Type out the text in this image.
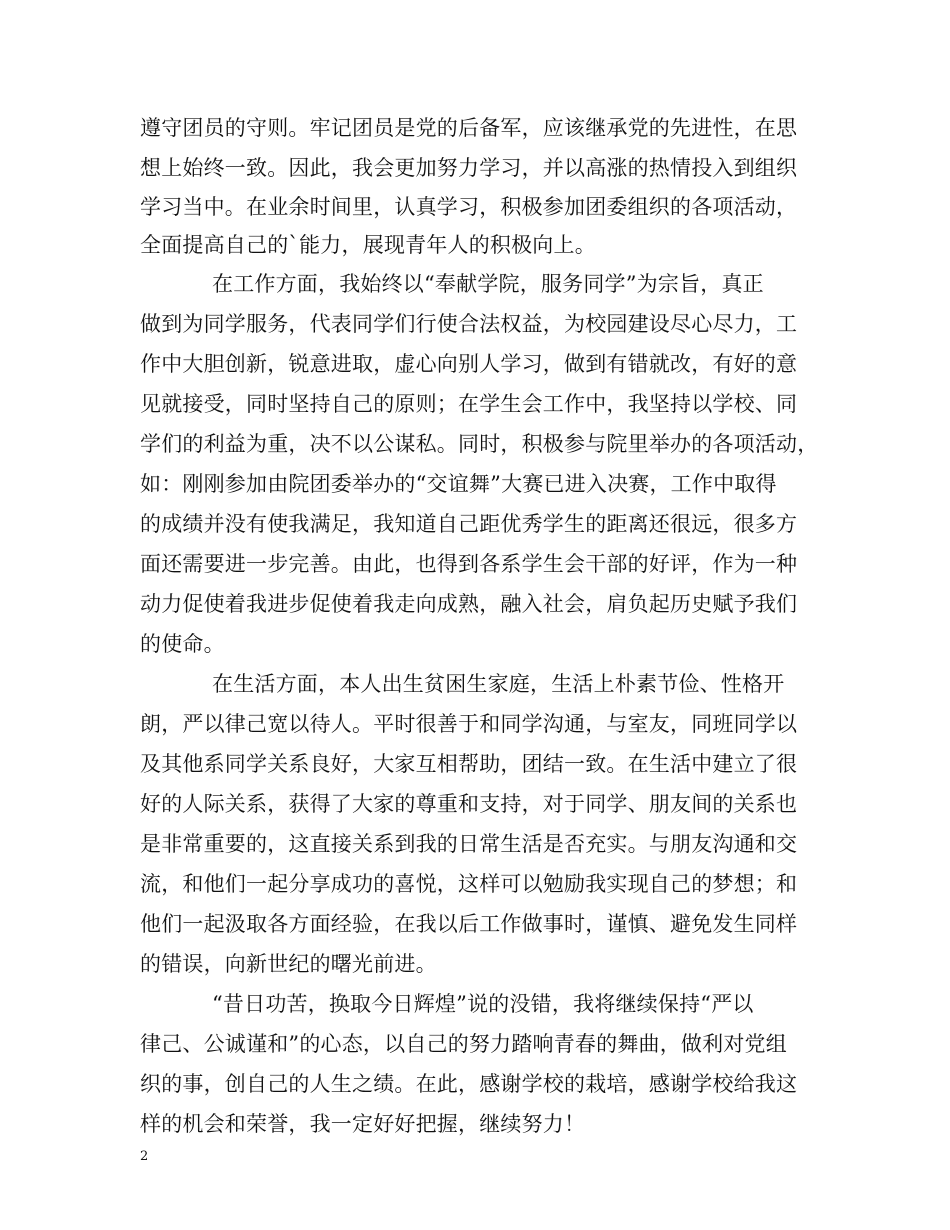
遵守团员的守则。牢记团员是党的后备军，应该继承党的先进性，在思
想上始终一致。因此，我会更加努力学习，并以高涨的热情投入到组织
学习当中。在业余时间里，认真学习，积极参加团委组织的各项活动，
全面提高自己的`能力，展现青年人的积极向上。
在工作方面，我始终以“奉献学院，服务同学”为宗旨，真正
做到为同学服务，代表同学们行使合法权益，为校园建设尽心尽力，工
作中大胆创新，锐意进取，虚心向别人学习，做到有错就改，有好的意
见就接受，同时坚持自己的原则；在学生会工作中，我坚持以学校、同
学们的利益为重，决不以公谋私。同时，积极参与院里举办的各项活动，
如：刚刚参加由院团委举办的“交谊舞”大赛已进入决赛，工作中取得
的成绩并没有使我满足，我知道自己距优秀学生的距离还很远，很多方
面还需要进一步完善。由此，也得到各系学生会干部的好评，作为一种
动力促使着我进步促使着我走向成熟，融入社会，肩负起历史赋予我们
的使命。
在生活方面，本人出生贫困生家庭，生活上朴素节俭、性格开
朗，严以律己宽以待人。平时很善于和同学沟通，与室友，同班同学以
及其他系同学关系良好，大家互相帮助，团结一致。在生活中建立了很
好的人际关系，获得了大家的尊重和支持，对于同学、朋友间的关系也
是非常重要的，这直接关系到我的日常生活是否充实。与朋友沟通和交
流，和他们一起分享成功的喜悦，这样可以勉励我实现自己的梦想；和
他们一起汲取各方面经验，在我以后工作做事时，谨慎、避免发生同样
的错误，向新世纪的曙光前进。
“昔日功苦，换取今日辉煌”说的没错，我将继续保持“严以
律己、公诚谨和”的心态，以自己的努力踏响青春的舞曲，做利对党组
织的事，创自己的人生之绩。在此，感谢学校的栽培，感谢学校给我这
样的机会和荣誉，我一定好好把握，继续努力！
2
